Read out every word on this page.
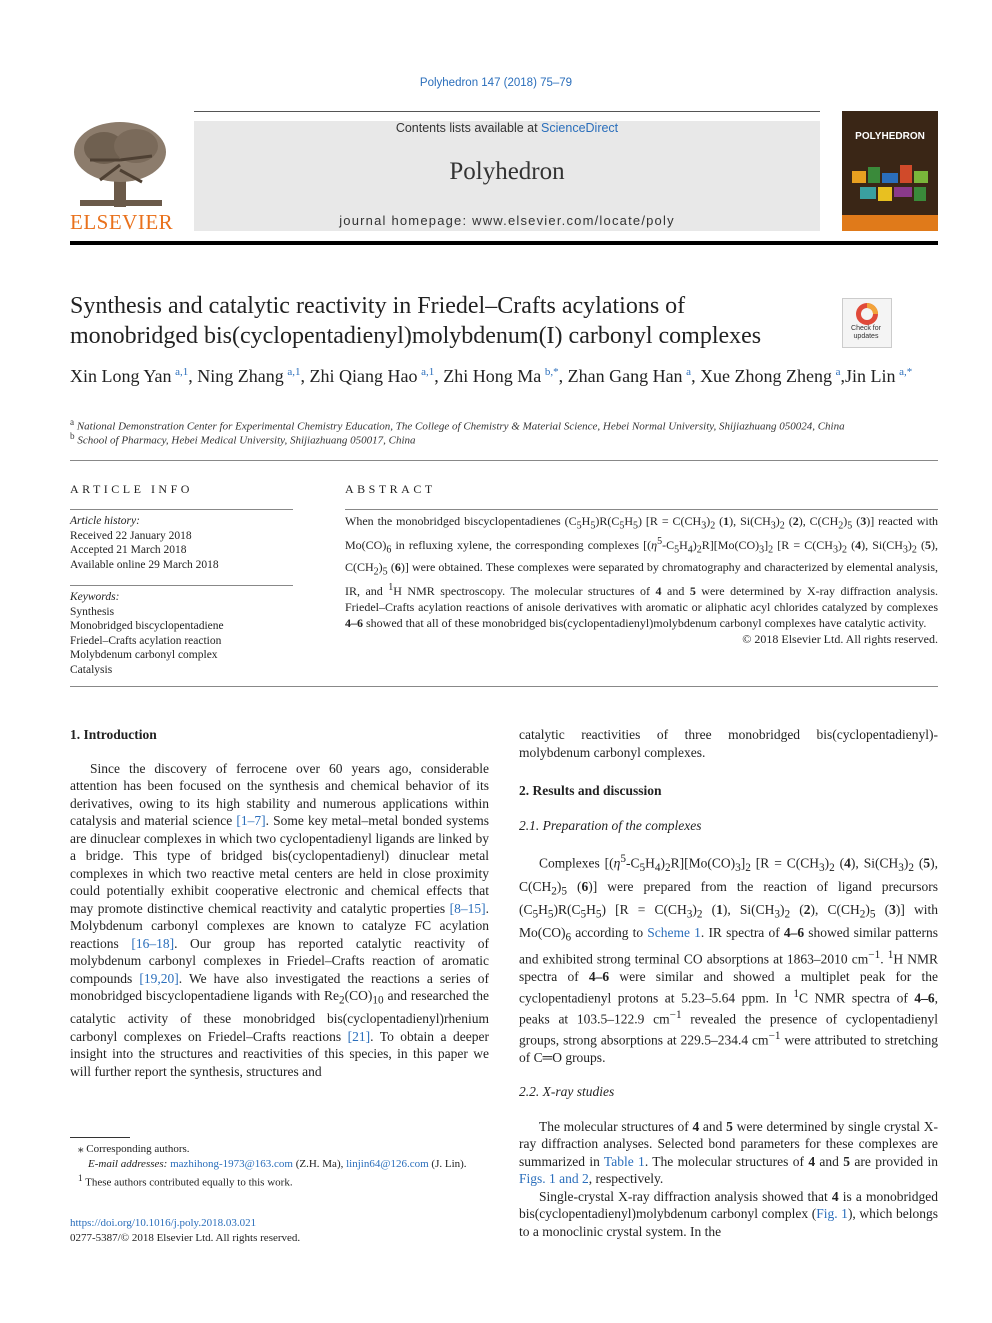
Polyhedron 147 (2018) 75–79
ELSEVIER
Contents lists available at ScienceDirect
Polyhedron
journal homepage: www.elsevier.com/locate/poly
POLYHEDRON
Synthesis and catalytic reactivity in Friedel–Crafts acylations of
monobridged bis(cyclopentadienyl)molybdenum(I) carbonyl complexes	Check for updates
Xin Long Yan  $^{a,1}$, Ning Zhang  $^{a,1}$, Zhi Qiang Hao  $^{a,1}$, Zhi Hong Ma  $^{b,*}$, Zhan Gang Han  $^a$, Xue Zhong Zheng  $^a$,Jin Lin  $^{a,*}$
$^a$ National Demonstration Center for Experimental Chemistry Education, The College of Chemistry & Material Science, Hebei Normal University, Shijiazhuang 050024, China
$^b$ School of Pharmacy, Hebei Medical University, Shijiazhuang 050017, China
ARTICLE INFO
Article history:
Received 22 January 2018
Accepted 21 March 2018
Available online 29 March 2018
Keywords:
Synthesis
Monobridged biscyclopentadiene
Friedel–Crafts acylation reaction
Molybdenum carbonyl complex
Catalysis
ABSTRACT
When the monobridged biscyclopentadienes $(C_5H_5)R(C_5H_5) [R = C(CH_3)_2$ (1), $Si(CH_3)_2$ (2), $C(CH_2)_5$ (3)] reacted with $Mo(CO)_6$ in refluxing xylene, the corresponding complexes $[(\eta^5-C_5H_4)_2R][Mo(CO)_3]_2$ [$R = C(CH_3)_2$ (4), $Si(CH_3)_2$ (5), $C(CH_2)_5$ (6)] were obtained. These complexes were separated by chromatography and characterized by elemental analysis, IR, and $^1$H NMR spectroscopy. The molecular structures of 4 and 5 were determined by X-ray diffraction analysis. Friedel–Crafts acylation reactions of anisole derivatives with aromatic or aliphatic acyl chlorides catalyzed by complexes 4–6 showed that all of these monobridged bis(cyclopentadienyl)molybdenum carbonyl complexes have catalytic activity.
© 2018 Elsevier Ltd. All rights reserved.
1. Introduction

Since the discovery of ferrocene over 60 years ago, considerable attention has been focused on the synthesis and chemical behavior of its derivatives, owing to its high stability and numerous applications within catalysis and material science [1–7]. Some key metal–metal bonded systems are dinuclear complexes in which two cyclopentadienyl ligands are linked by a bridge. This type of bridged bis(cyclopentadienyl) dinuclear metal complexes in which two reactive metal centers are held in close proximity could potentially exhibit cooperative electronic and chemical effects that may promote distinctive chemical reactivity and catalytic properties [8–15]. Molybdenum carbonyl complexes are known to catalyze FC acylation reactions [16–18]. Our group has reported catalytic reactivity of molybdenum carbonyl complexes in Friedel–Crafts reaction of aromatic compounds [19,20]. We have also investigated the reactions a series of monobridged biscyclopentadiene ligands with $Re_2(CO)_{10}$ and researched the catalytic activity of these monobridged bis(cyclopentadienyl)rhenium carbonyl complexes on Friedel–Crafts reactions [21]. To obtain a deeper insight into the structures and reactivities of this species, in this paper we will further report the synthesis, structures and

catalytic reactivities of three monobridged bis(cyclopentadienyl)-molybdenum carbonyl complexes.

2. Results and discussion
2.1. Preparation of the complexes

Complexes $[(\eta^5-C_5H_4)_2R][Mo(CO)_3]_2$ [$R = C(CH_3)_2$ (4), $Si(CH_3)_2$ (5), $C(CH_2)_5$ (6)] were prepared from the reaction of ligand precursors $(C_5H_5)R(C_5H_5) [R = C(CH_3)_2$ (1), $Si(CH_3)_2$ (2), $C(CH_2)_5$ (3)] with $Mo(CO)_6$ according to Scheme 1. IR spectra of 4–6 showed similar patterns and exhibited strong terminal CO absorptions at 1863–2010 $cm^{-1}$. $^1$H NMR spectra of 4–6 were similar and showed a multiplet peak for the cyclopentadienyl protons at 5.23–5.64 ppm. In $^1$C NMR spectra of 4–6, peaks at 103.5–122.9 $cm^{-1}$ revealed the presence of cyclopentadienyl groups, strong absorptions at 229.5–234.4 $cm^{-1}$ were attributed to stretching of C═O groups.

2.2. X-ray studies

The molecular structures of 4 and 5 were determined by single crystal X-ray diffraction analyses. Selected bond parameters for these complexes are summarized in Table 1. The molecular structures of 4 and 5 are provided in Figs. 1 and 2, respectively.

Single-crystal X-ray diffraction analysis showed that 4 is a monobridged bis(cyclopentadienyl)molybdenum carbonyl complex (Fig. 1), which belongs to a monoclinic crystal system. In the

⁎ Corresponding authors.
E-mail addresses: mazhihong-1973@163.com (Z.H. Ma), linjin64@126.com (J. Lin).
$^1$ These authors contributed equally to this work.
https://doi.org/10.1016/j.poly.2018.03.021
0277-5387/© 2018 Elsevier Ltd. All rights reserved.
